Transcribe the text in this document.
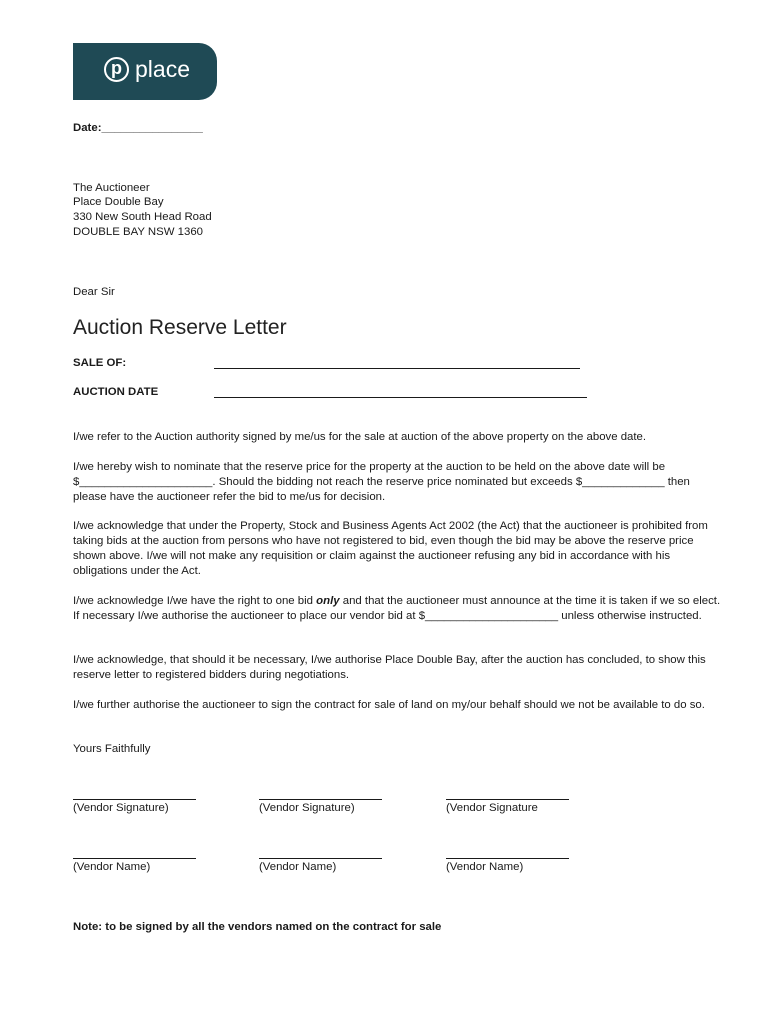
p place
Date:________________
The Auctioneer
Place Double Bay
330 New South Head Road
DOUBLE BAY NSW 1360
Dear Sir
Auction Reserve Letter
SALE OF:
AUCTION DATE
I/we refer to the Auction authority signed by me/us for the sale at auction of the above property on the above date.
I/we hereby wish to nominate that the reserve price for the property at the auction to be held on the above date will be $_____________________. Should the bidding not reach the reserve price nominated but exceeds $_____________ then please have the auctioneer refer the bid to me/us for decision.
I/we acknowledge that under the Property, Stock and Business Agents Act 2002 (the Act) that the auctioneer is prohibited from taking bids at the auction from persons who have not registered to bid, even though the bid may be above the reserve price shown above. I/we will not make any requisition or claim against the auctioneer refusing any bid in accordance with his obligations under the Act.
I/we acknowledge I/we have the right to one bid only and that the auctioneer must announce at the time it is taken if we so elect. If necessary I/we authorise the auctioneer to place our vendor bid at $_____________________ unless otherwise instructed.
I/we acknowledge, that should it be necessary, I/we authorise Place Double Bay, after the auction has concluded, to show this reserve letter to registered bidders during negotiations.
I/we further authorise the auctioneer to sign the contract for sale of land on my/our behalf should we not be available to do so.
Yours Faithfully
(Vendor Signature)	(Vendor Signature)	(Vendor Signature
(Vendor Name)	(Vendor Name)	(Vendor Name)
Note: to be signed by all the vendors named on the contract for sale
